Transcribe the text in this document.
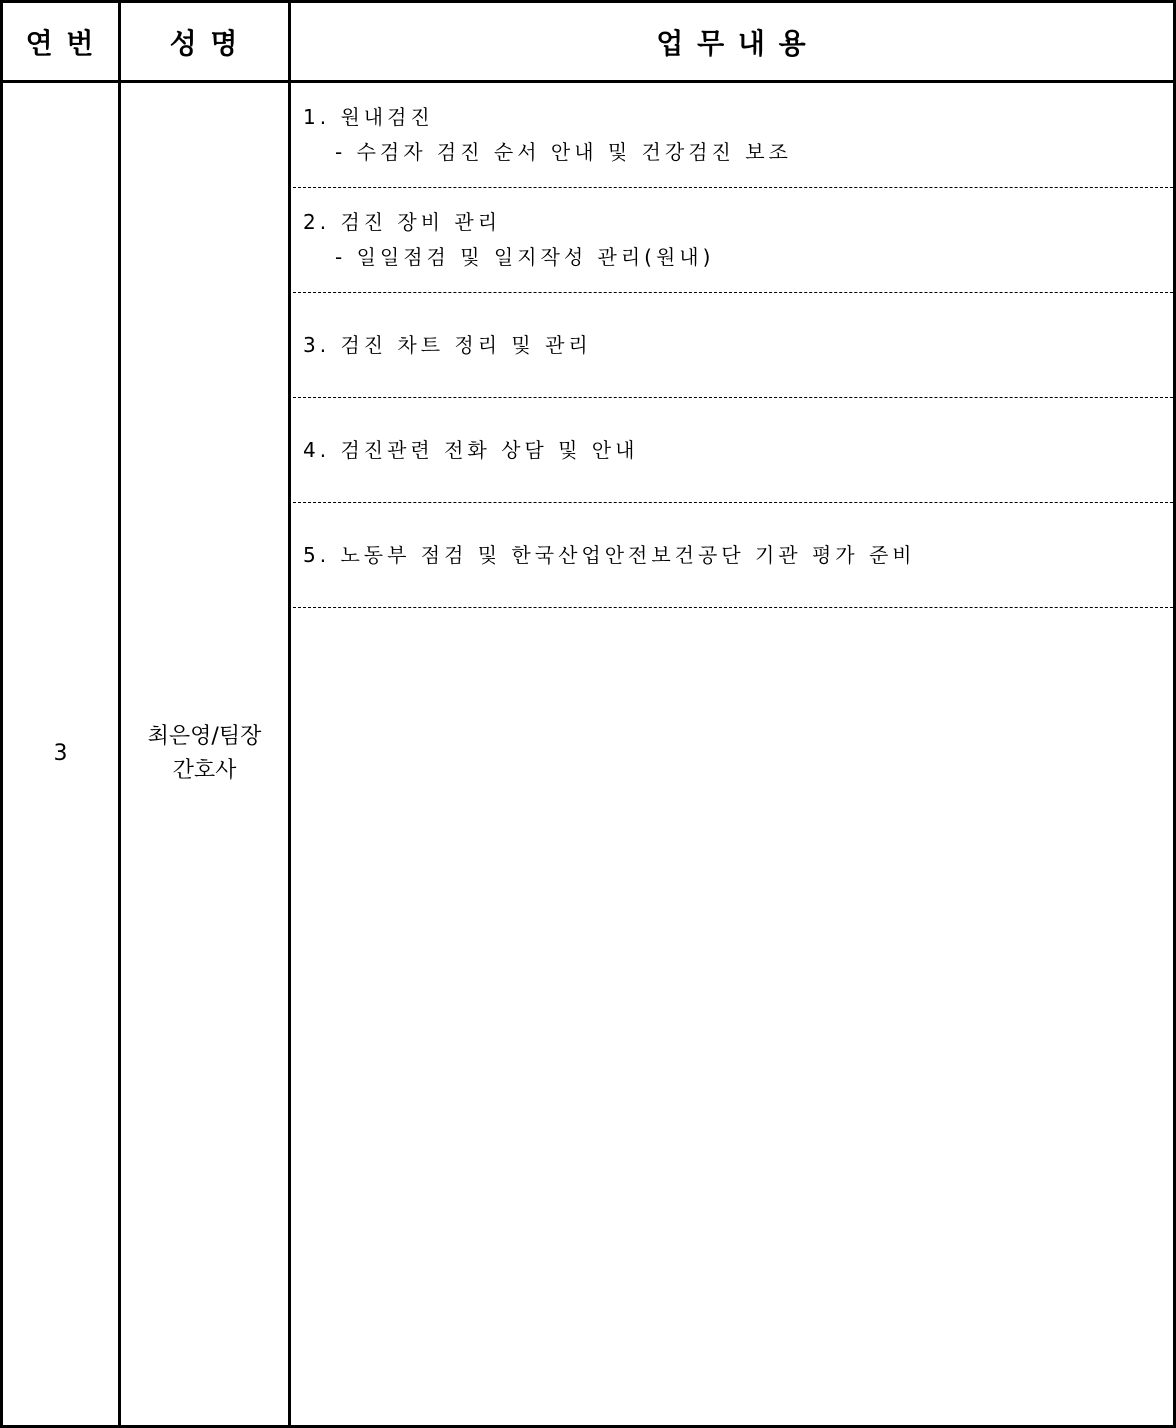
연 번	성 명	업 무 내 용
3
최은영/팀장
간호사
1. 원내검진
- 수검자 검진 순서 안내 및 건강검진 보조
2. 검진 장비 관리
- 일일점검 및 일지작성 관리(원내)
3. 검진 차트 정리 및 관리
4. 검진관련 전화 상담 및 안내
5. 노동부 점검 및 한국산업안전보건공단 기관 평가 준비
